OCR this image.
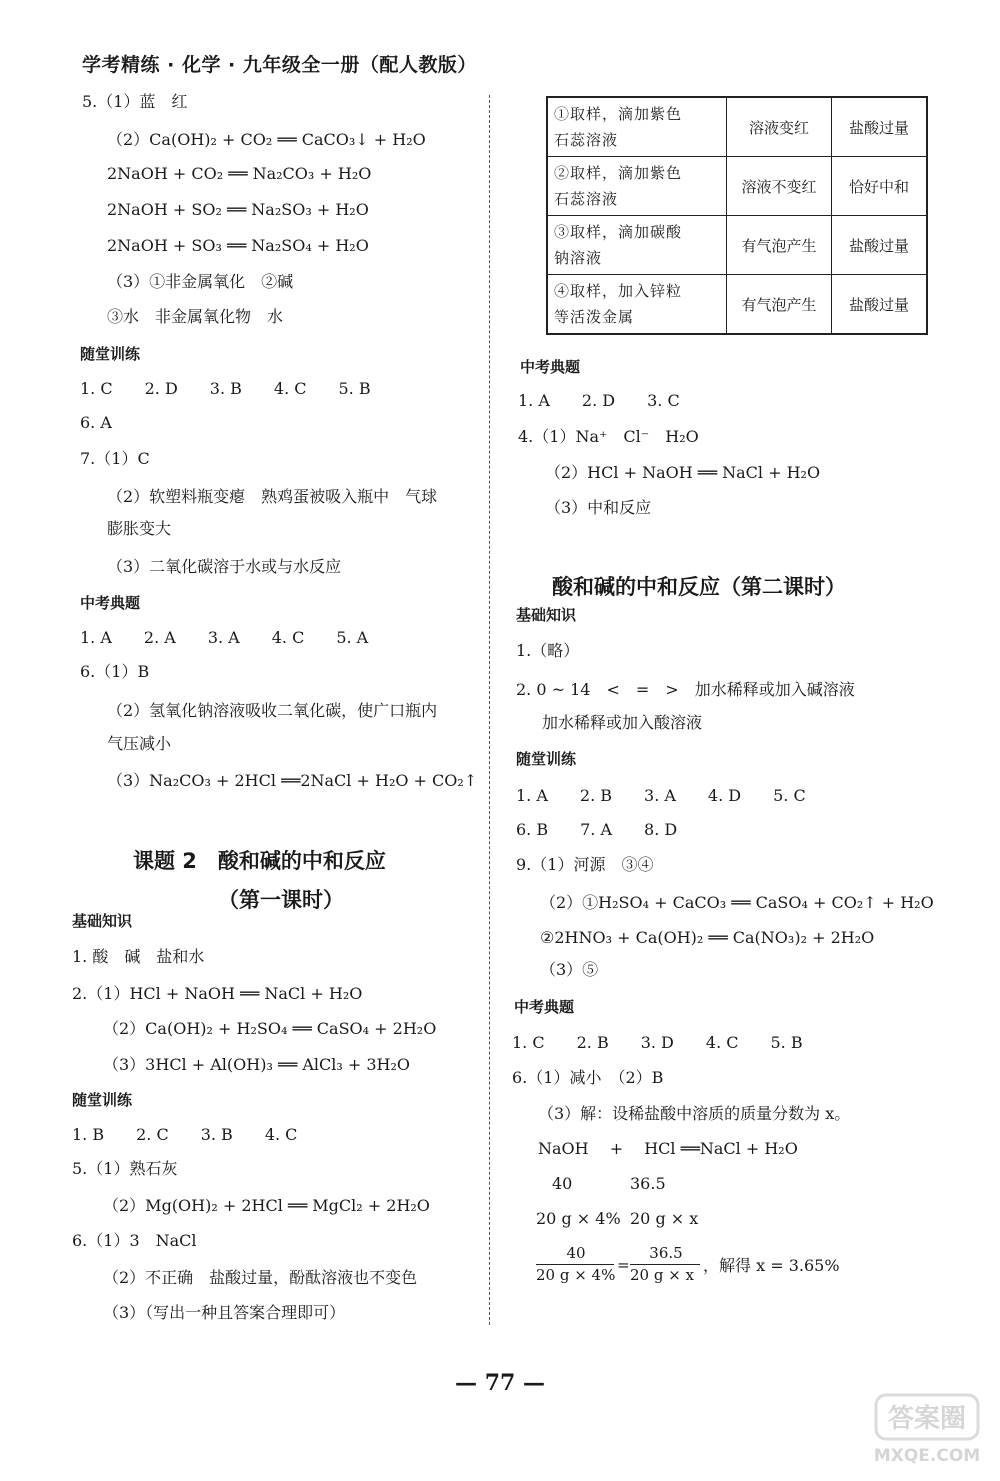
学考精练 · 化学 · 九年级全一册（配人教版）
5.（1）蓝　红
（2）Ca(OH)₂ + CO₂ ══ CaCO₃↓ + H₂O
2NaOH + CO₂ ══ Na₂CO₃ + H₂O
2NaOH + SO₂ ══ Na₂SO₃ + H₂O
2NaOH + SO₃ ══ Na₂SO₄ + H₂O
（3）①非金属氧化　②碱
③水　非金属氧化物　水
随堂训练
1. C　　2. D　　3. B　　4. C　　5. B
6. A
7.（1）C
（2）软塑料瓶变瘪　熟鸡蛋被吸入瓶中　气球
膨胀变大
（3）二氧化碳溶于水或与水反应
中考典题
1. A　　2. A　　3. A　　4. C　　5. A
6.（1）B
（2）氢氧化钠溶液吸收二氧化碳，使广口瓶内
气压减小
（3）Na₂CO₃ + 2HCl ══2NaCl + H₂O + CO₂↑
课题 2　酸和碱的中和反应
（第一课时）
基础知识
1. 酸　碱　盐和水
2.（1）HCl + NaOH ══ NaCl + H₂O
（2）Ca(OH)₂ + H₂SO₄ ══ CaSO₄ + 2H₂O
（3）3HCl + Al(OH)₃ ══ AlCl₃ + 3H₂O
随堂训练
1. B　　2. C　　3. B　　4. C
5.（1）熟石灰
（2）Mg(OH)₂ + 2HCl ══ MgCl₂ + 2H₂O
6.（1）3　NaCl
（2）不正确　盐酸过量，酚酞溶液也不变色
（3）（写出一种且答案合理即可）
①取样，滴加紫色
石蕊溶液	溶液变红	盐酸过量

②取样，滴加紫色
石蕊溶液	溶液不变红	恰好中和

③取样，滴加碳酸
钠溶液	有气泡产生	盐酸过量

④取样，加入锌粒
等活泼金属	有气泡产生	盐酸过量
中考典题
1. A　　2. D　　3. C
4.（1）Na⁺　Cl⁻　H₂O
（2）HCl + NaOH ══ NaCl + H₂O
（3）中和反应
酸和碱的中和反应（第二课时）
基础知识
1.（略）
2. 0 ~ 14　<　=　>　加水稀释或加入碱溶液
加水稀释或加入酸溶液
随堂训练
1. A　　2. B　　3. A　　4. D　　5. C
6. B　　7. A　　8. D
9.（1）河源　③④
（2）①H₂SO₄ + CaCO₃ ══ CaSO₄ + CO₂↑ + H₂O
②2HNO₃ + Ca(OH)₂ ══ Ca(NO₃)₂ + 2H₂O
（3）⑤
中考典题
1. C　　2. B　　3. D　　4. C　　5. B
6.（1）减小　（2）B
（3）解：设稀盐酸中溶质的质量分数为 x。
NaOH　 +　 HCl ══NaCl + H₂O
40	36.5
20 g × 4% 20 g × x
40
20 g × 4%
=
36.5
20 g × x ，解得 x = 3.65%
— 77 —
答案圈
MXQE.COM
